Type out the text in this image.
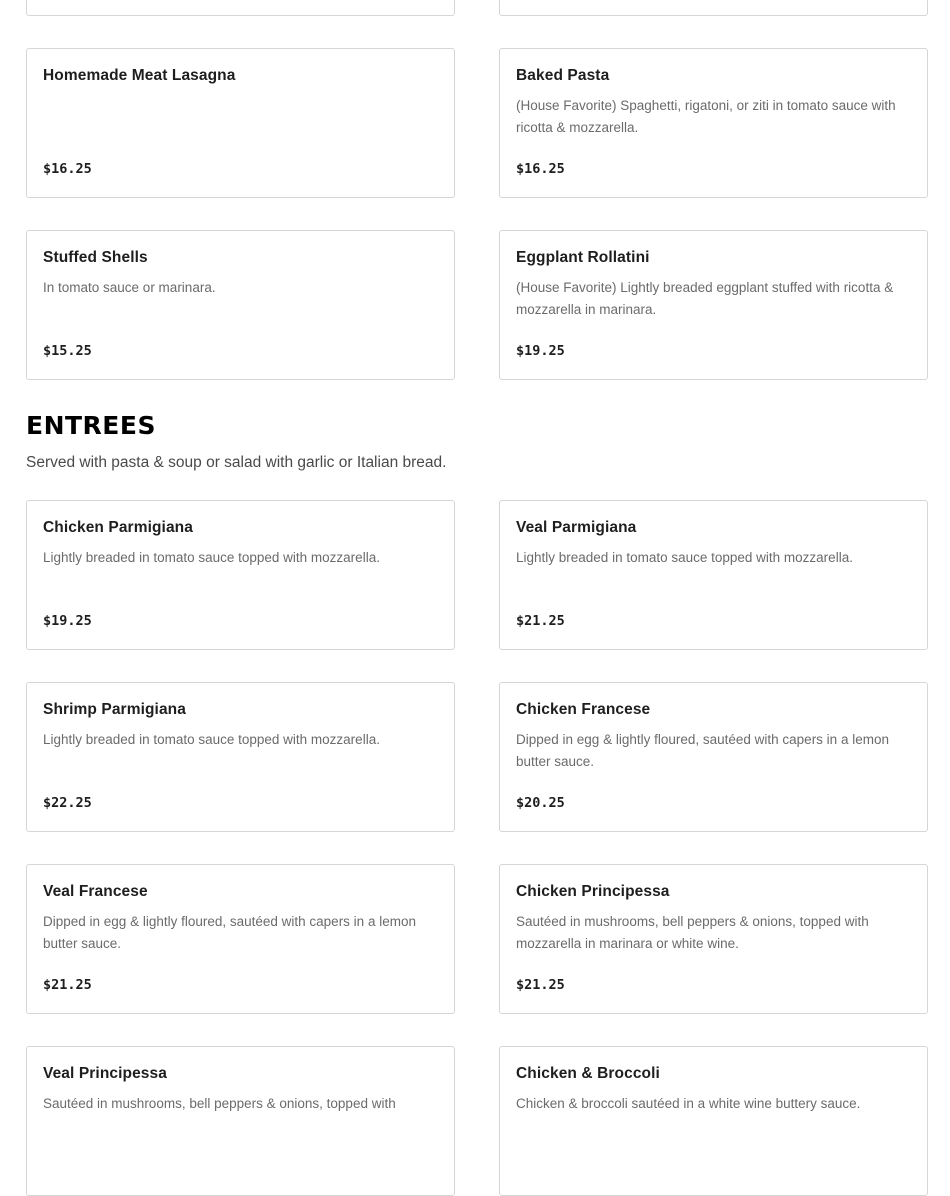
Homemade Meat Lasagna
$16.25
Baked Pasta
(House Favorite) Spaghetti, rigatoni, or ziti in tomato sauce with ricotta & mozzarella.
$16.25
Stuffed Shells
In tomato sauce or marinara.
$15.25
Eggplant Rollatini
(House Favorite) Lightly breaded eggplant stuffed with ricotta & mozzarella in marinara.
$19.25
ENTREES

Served with pasta & soup or salad with garlic or Italian bread.

Chicken Parmigiana
Lightly breaded in tomato sauce topped with mozzarella.
$19.25
Veal Parmigiana
Lightly breaded in tomato sauce topped with mozzarella.
$21.25
Shrimp Parmigiana
Lightly breaded in tomato sauce topped with mozzarella.
$22.25
Chicken Francese
Dipped in egg & lightly floured, sautéed with capers in a lemon butter sauce.
$20.25
Veal Francese
Dipped in egg & lightly floured, sautéed with capers in a lemon butter sauce.
$21.25
Chicken Principessa
Sautéed in mushrooms, bell peppers & onions, topped with mozzarella in marinara or white wine.
$21.25
Veal Principessa
Sautéed in mushrooms, bell peppers & onions, topped with
Chicken & Broccoli
Chicken & broccoli sautéed in a white wine buttery sauce.
